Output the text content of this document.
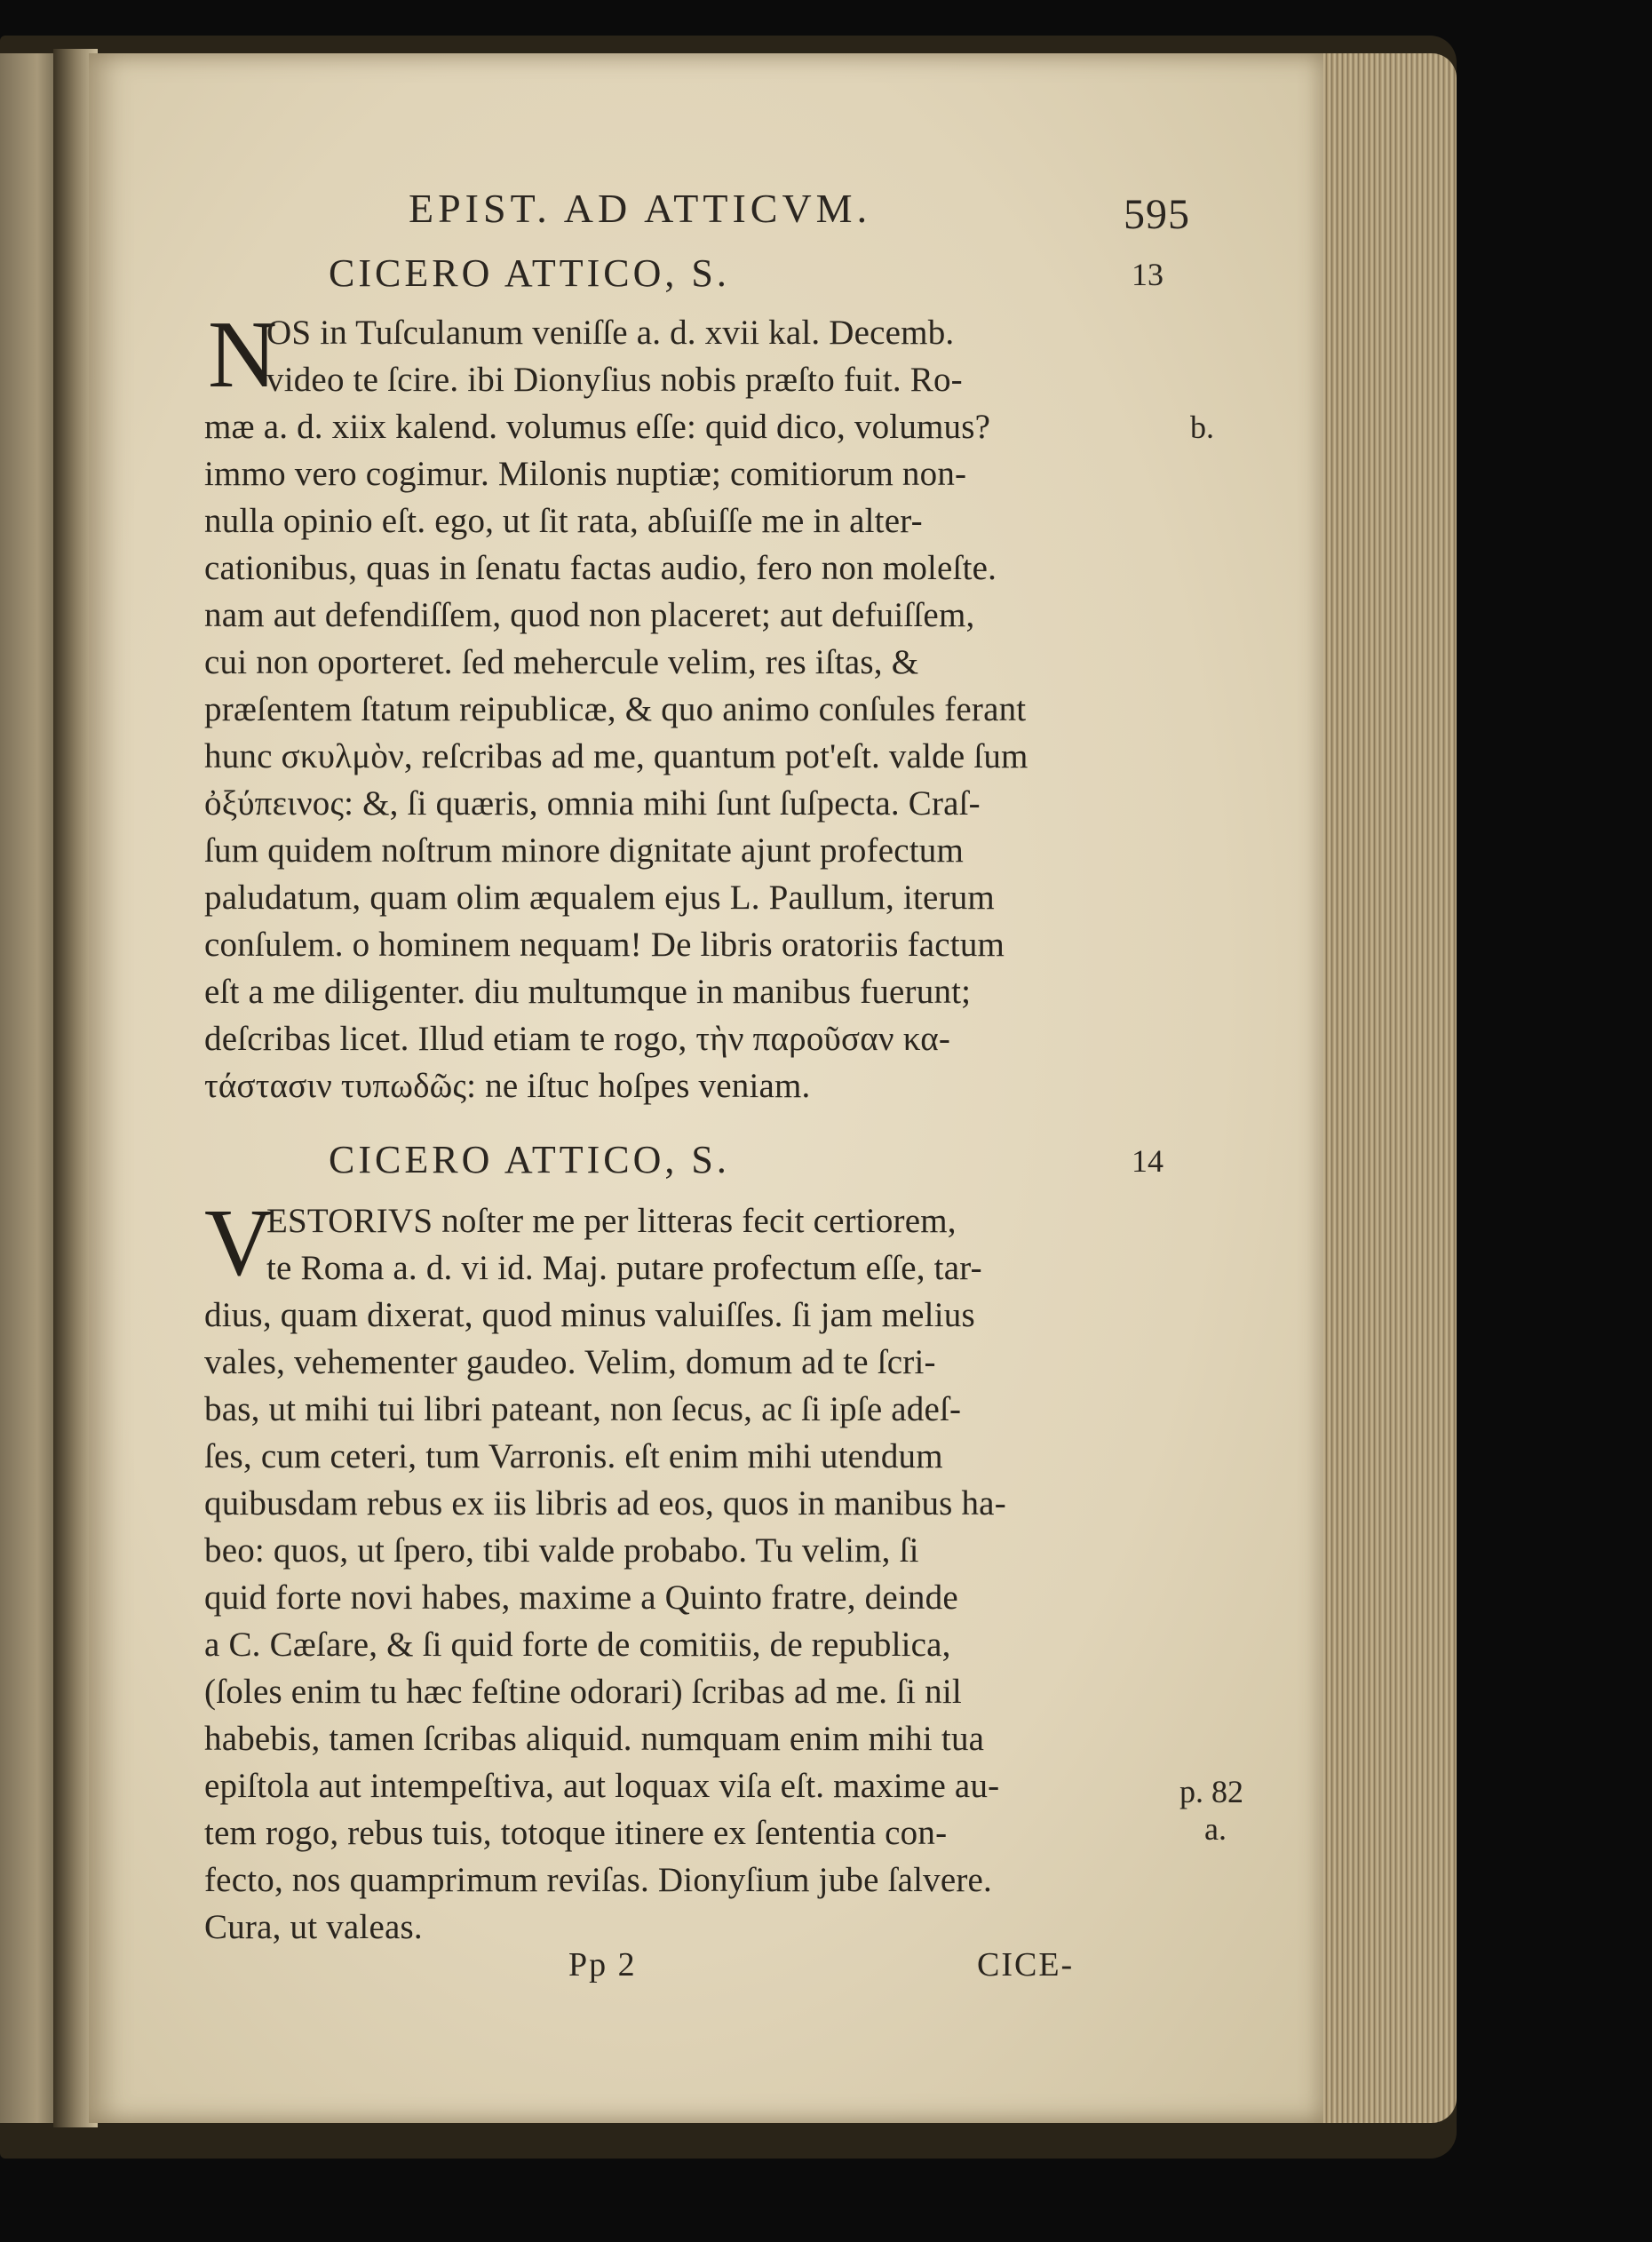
EPIST. AD ATTICVM.	595
CICERO ATTICO, S.	13
N
OS in Tuſculanum veniſſe a. d. xvii kal. Decemb.
video te ſcire. ibi Dionyſius nobis præſto fuit. Ro-
mæ a. d. xiix kalend. volumus eſſe: quid dico, volumus?
immo vero cogimur. Milonis nuptiæ; comitiorum non-
nulla opinio eſt. ego, ut ſit rata, abſuiſſe me in alter-
cationibus, quas in ſenatu factas audio, fero non moleſte.
nam aut defendiſſem, quod non placeret; aut defuiſſem,
cui non oporteret. ſed mehercule velim, res iſtas, &
præſentem ſtatum reipublicæ, & quo animo conſules ferant
hunc σκυλμὸν, reſcribas ad me, quantum pot'eſt. valde ſum
ὀξύπεινος: &, ſi quæris, omnia mihi ſunt ſuſpecta. Craſ-
ſum quidem noſtrum minore dignitate ajunt profectum
paludatum, quam olim æqualem ejus L. Paullum, iterum
conſulem. o hominem nequam! De libris oratoriis factum
eſt a me diligenter. diu multumque in manibus fuerunt;
deſcribas licet. Illud etiam te rogo, τὴν παροῦσαν κα-
τάστασιν τυπωδῶς: ne iſtuc hoſpes veniam.
b.
CICERO ATTICO, S.	14
V
ESTORIVS noſter me per litteras fecit certiorem,
te Roma a. d. vi id. Maj. putare profectum eſſe, tar-
dius, quam dixerat, quod minus valuiſſes. ſi jam melius
vales, vehementer gaudeo. Velim, domum ad te ſcri-
bas, ut mihi tui libri pateant, non ſecus, ac ſi ipſe adeſ-
ſes, cum ceteri, tum Varronis. eſt enim mihi utendum
quibusdam rebus ex iis libris ad eos, quos in manibus ha-
beo: quos, ut ſpero, tibi valde probabo. Tu velim, ſi
quid forte novi habes, maxime a Quinto fratre, deinde
a C. Cæſare, & ſi quid forte de comitiis, de republica,
(ſoles enim tu hæc feſtine odorari) ſcribas ad me. ſi nil
habebis, tamen ſcribas aliquid. numquam enim mihi tua
epiſtola aut intempeſtiva, aut loquax viſa eſt. maxime au-
tem rogo, rebus tuis, totoque itinere ex ſententia con-
fecto, nos quamprimum reviſas. Dionyſium jube ſalvere.
Cura, ut valeas.
p. 82
a.
Pp 2	CICE-
